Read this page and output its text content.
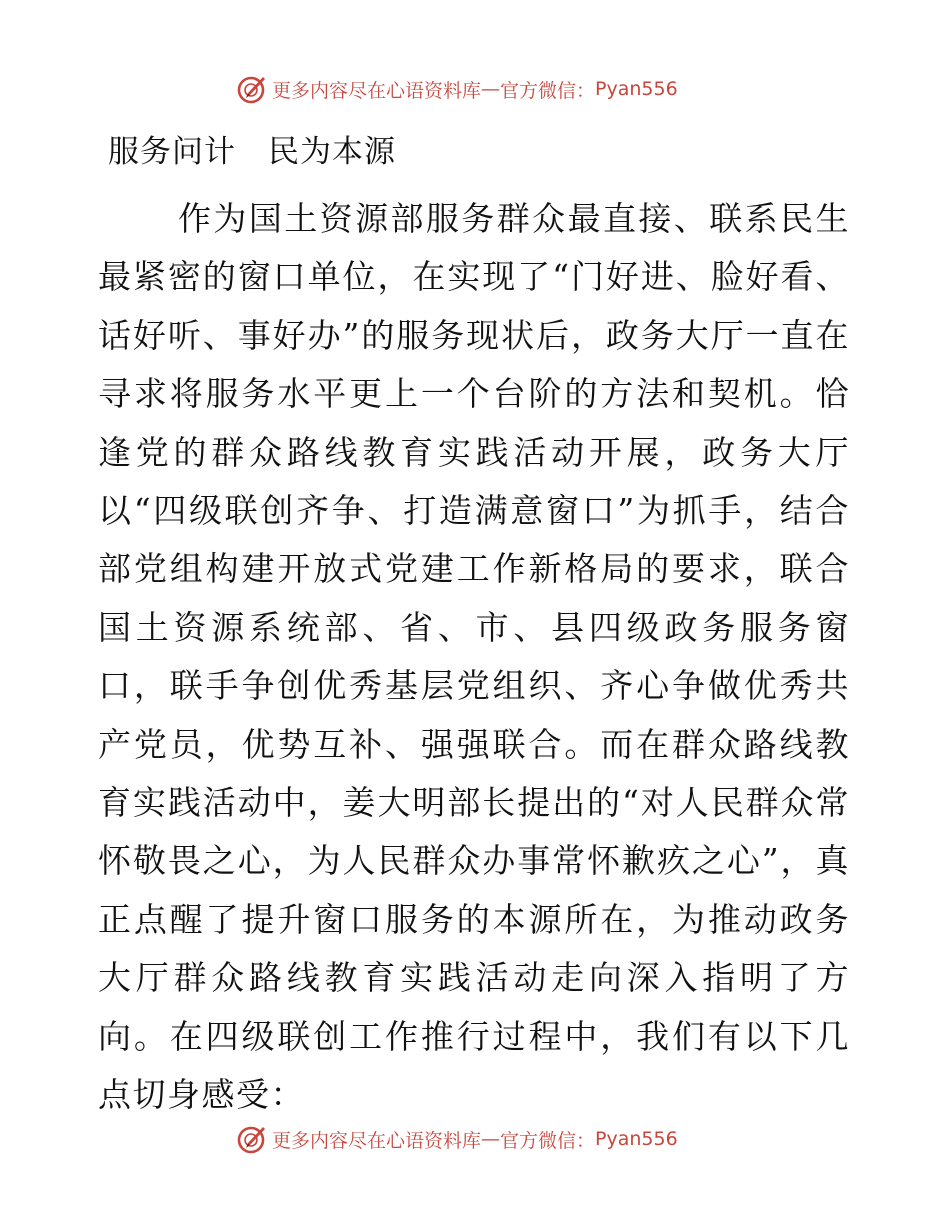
更多内容尽在心语资料库 — 官方微信： Pyan556
服务问计　民为本源

作为国土资源部服务群众最直接、联系民生最紧密的窗口单位，在实现了“门好进、脸好看、话好听、事好办”的服务现状后，政务大厅一直在寻求将服务水平更上一个台阶的方法和契机。恰逢党的群众路线教育实践活动开展，政务大厅以“四级联创齐争、打造满意窗口”为抓手，结合部党组构建开放式党建工作新格局的要求，联合国土资源系统部、省、市、县四级政务服务窗口，联手争创优秀基层党组织、齐心争做优秀共产党员，优势互补、强强联合。而在群众路线教育实践活动中，姜大明部长提出的“对人民群众常怀敬畏之心，为人民群众办事常怀歉疚之心”，真正点醒了提升窗口服务的本源所在，为推动政务大厅群众路线教育实践活动走向深入指明了方向。在四级联创工作推行过程中，我们有以下几点切身感受：

更多内容尽在心语资料库 — 官方微信： Pyan556
